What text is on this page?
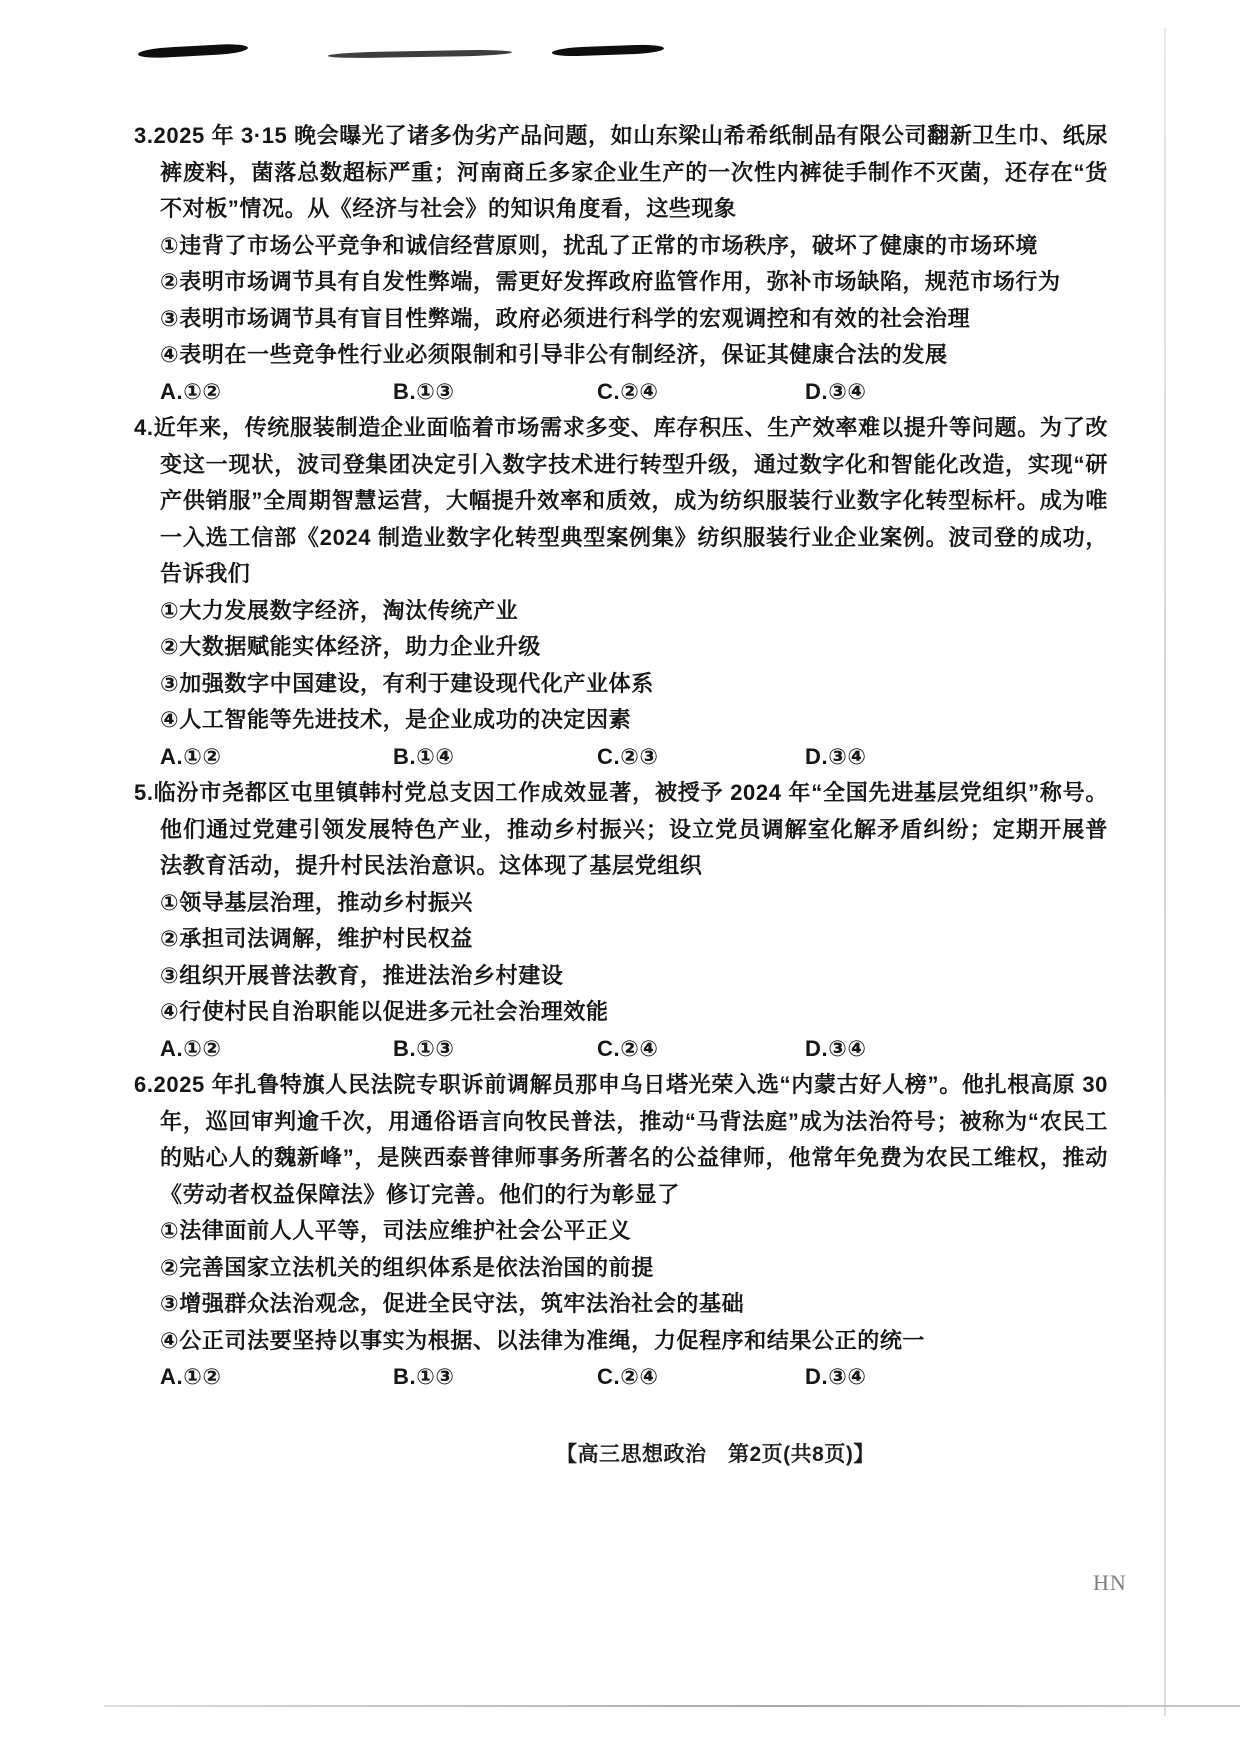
3.2025 年 3·15 晚会曝光了诸多伪劣产品问题，如山东梁山希希纸制品有限公司翻新卫生巾、纸尿裤废料，菌落总数超标严重；河南商丘多家企业生产的一次性内裤徒手制作不灭菌，还存在“货不对板”情况。从《经济与社会》的知识角度看，这些现象

①违背了市场公平竞争和诚信经营原则，扰乱了正常的市场秩序，破坏了健康的市场环境

②表明市场调节具有自发性弊端，需更好发挥政府监管作用，弥补市场缺陷，规范市场行为

③表明市场调节具有盲目性弊端，政府必须进行科学的宏观调控和有效的社会治理

④表明在一些竞争性行业必须限制和引导非公有制经济，保证其健康合法的发展

A.①②	B.①③	C.②④	D.③④

4.近年来，传统服装制造企业面临着市场需求多变、库存积压、生产效率难以提升等问题。为了改变这一现状，波司登集团决定引入数字技术进行转型升级，通过数字化和智能化改造，实现“研产供销服”全周期智慧运营，大幅提升效率和质效，成为纺织服装行业数字化转型标杆。成为唯一入选工信部《2024 制造业数字化转型典型案例集》纺织服装行业企业案例。波司登的成功，告诉我们

①大力发展数字经济，淘汰传统产业

②大数据赋能实体经济，助力企业升级

③加强数字中国建设，有利于建设现代化产业体系

④人工智能等先进技术，是企业成功的决定因素

A.①②	B.①④	C.②③	D.③④

5.临汾市尧都区屯里镇韩村党总支因工作成效显著，被授予 2024 年“全国先进基层党组织”称号。他们通过党建引领发展特色产业，推动乡村振兴；设立党员调解室化解矛盾纠纷；定期开展普法教育活动，提升村民法治意识。这体现了基层党组织

①领导基层治理，推动乡村振兴

②承担司法调解，维护村民权益

③组织开展普法教育，推进法治乡村建设

④行使村民自治职能以促进多元社会治理效能

A.①②	B.①③	C.②④	D.③④

6.2025 年扎鲁特旗人民法院专职诉前调解员那申乌日塔光荣入选“内蒙古好人榜”。他扎根高原 30 年，巡回审判逾千次，用通俗语言向牧民普法，推动“马背法庭”成为法治符号；被称为“农民工的贴心人的魏新峰”，是陕西泰普律师事务所著名的公益律师，他常年免费为农民工维权，推动《劳动者权益保障法》修订完善。他们的行为彰显了

①法律面前人人平等，司法应维护社会公平正义

②完善国家立法机关的组织体系是依法治国的前提

③增强群众法治观念，促进全民守法，筑牢法治社会的基础

④公正司法要坚持以事实为根据、以法律为准绳，力促程序和结果公正的统一

A.①②	B.①③	C.②④	D.③④
【高三思想政治　第2页(共8页)】
HN
